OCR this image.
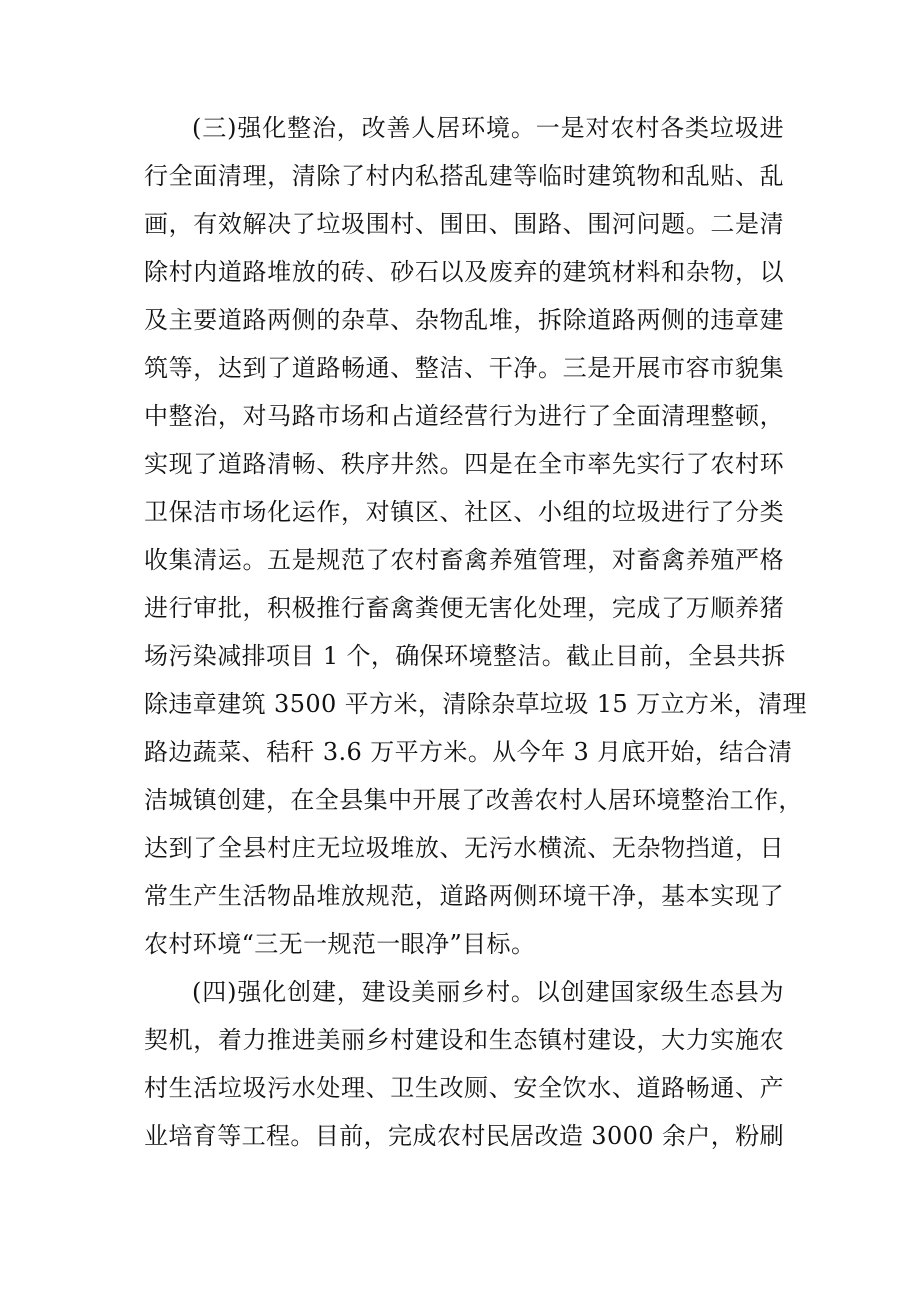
(三)强化整治，改善人居环境。一是对农村各类垃圾进
行全面清理，清除了村内私搭乱建等临时建筑物和乱贴、乱
画，有效解决了垃圾围村、围田、围路、围河问题。二是清
除村内道路堆放的砖、砂石以及废弃的建筑材料和杂物，以
及主要道路两侧的杂草、杂物乱堆，拆除道路两侧的违章建
筑等，达到了道路畅通、整洁、干净。三是开展市容市貌集
中整治，对马路市场和占道经营行为进行了全面清理整顿，
实现了道路清畅、秩序井然。四是在全市率先实行了农村环
卫保洁市场化运作，对镇区、社区、小组的垃圾进行了分类
收集清运。五是规范了农村畜禽养殖管理，对畜禽养殖严格
进行审批，积极推行畜禽粪便无害化处理，完成了万顺养猪
场污染减排项目 1 个，确保环境整洁。截止目前，全县共拆
除违章建筑 3500 平方米，清除杂草垃圾 15 万立方米，清理
路边蔬菜、秸秆 3.6 万平方米。从今年 3 月底开始，结合清
洁城镇创建，在全县集中开展了改善农村人居环境整治工作，
达到了全县村庄无垃圾堆放、无污水横流、无杂物挡道，日
常生产生活物品堆放规范，道路两侧环境干净，基本实现了
农村环境“三无一规范一眼净”目标。
(四)强化创建，建设美丽乡村。以创建国家级生态县为
契机，着力推进美丽乡村建设和生态镇村建设，大力实施农
村生活垃圾污水处理、卫生改厕、安全饮水、道路畅通、产
业培育等工程。目前，完成农村民居改造 3000 余户，粉刷
